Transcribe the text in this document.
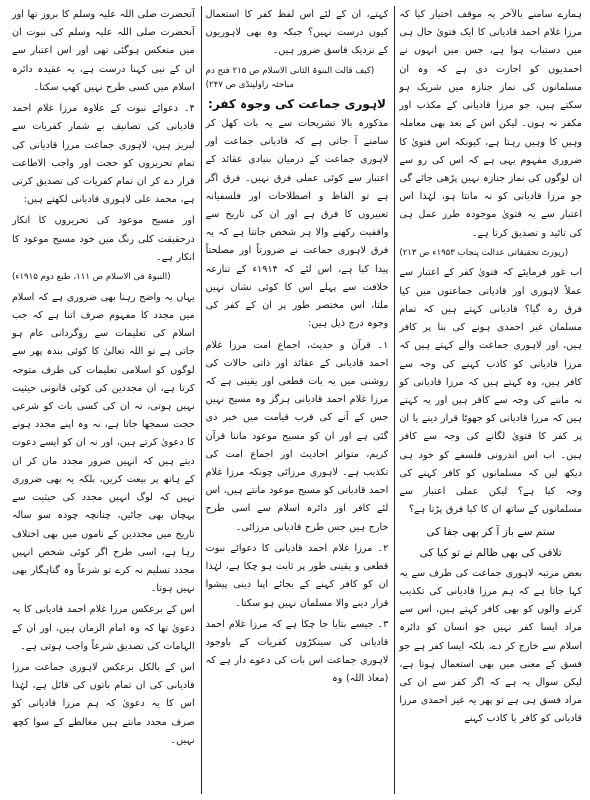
ہمارے سامنے بالآخر یہ موقف اختیار کیا کہ مرزا غلام احمد قادیانی کا ایک فتویٰ حال ہی میں دستیاب ہوا ہے، جس میں انہوں نے احمدیوں کو اجازت دی ہے کہ وہ ان مسلمانوں کی نماز جنازہ میں شریک ہو سکتے ہیں، جو مرزا قادیانی کے مکذب اور مکفر نہ ہوں۔ لیکن اس کے بعد بھی معاملہ وہیں کا وہیں رہتا ہے، کیونکہ اس فتویٰ کا ضروری مفہوم یہی ہے کہ اس کی رو سے ان لوگوں کی نماز جنازہ نہیں پڑھی جائے گی جو مرزا قادیانی کو نہ مانتا ہو، لہٰذا اس اعتبار سے یہ فتویٰ موجودہ طرز عمل ہی کی تائید و تصدیق کرتا ہے۔

(رپورٹ تحقیقاتی عدالت پنجاب ۱۹۵۳ء ص ۲۱۳)

اب غور فرمایئے کہ فتویٰ کفر کے اعتبار سے عملاً لاہوری اور قادیانی جماعتوں میں کیا فرق رہ گیا؟ قادیانی کہتے ہیں کہ تمام مسلمان غیر احمدی ہونے کی بنا پر کافر ہیں، اور لاہوری جماعت والے کہتے ہیں کہ مرزا قادیانی کو کاذب کہنے کی وجہ سے کافر ہیں، وہ کہتے ہیں کہ مرزا قادیانی کو نہ ماننے کی وجہ سے کافر ہیں اور یہ کہتے ہیں کہ مرزا قادیانی کو جھوٹا قرار دینے یا ان پر کفر کا فتویٰ لگانے کی وجہ سے کافر ہیں۔ اب اس اندرونی فلسفے کو خود ہی دیکھ لیں کہ مسلمانوں کو کافر کہنے کی وجہ کیا ہے؟ لیکن عملی اعتبار سے مسلمانوں کے ساتھ ان کا کیا فرق پڑتا ہے؟

ستم سے باز آ کر بھی جفا کی

تلافی کی بھی ظالم نے تو کیا کی

بعض مرتبہ لاہوری جماعت کی طرف سے یہ کہا جاتا ہے کہ ہم مرزا قادیانی کی تکذیب کرنے والوں کو بھی کافر کہتے ہیں، اس سے مراد ایسا کفر نہیں جو انسان کو دائرہ اسلام سے خارج کر دے، بلکہ ایسا کفر ہے جو فسق کے معنی میں بھی استعمال ہوتا ہے، لیکن سوال یہ ہے کہ اگر کفر سے ان کی مراد فسق ہی ہے تو پھر یہ غیر احمدی مرزا قادیانی کو کافر یا کاذب کہنے

کہتے، ان کے لئے اس لفظ کفر کا استعمال کیوں درست نہیں؟ جبکہ وہ بھی لاہوریوں کے نزدیک فاسق ضرور ہیں۔

(کیف قالت البنوۃ الثانی الاسلام ص ۲۱۵ فتح دم مباحثہ راولپنڈی ص ۲۴۷)

لاہوری جماعت کی وجوہ کفر:

مذکورہ بالا تشریحات سے یہ بات کھل کر سامنے آ جاتی ہے کہ قادیانی جماعت اور لاہوری جماعت کے درمیان بنیادی عقائد کے اعتبار سے کوئی عملی فرق نہیں۔ فرق اگر ہے تو الفاظ و اصطلاحات اور فلسفیانہ تعبیروں کا فرق ہے اور ان کی تاریخ سے واقفیت رکھنے والا ہر شخص جانتا ہے کہ یہ فرق لاہوری جماعت نے ضرورتاً اور مصلحتاً پیدا کیا ہے، اس لئے کہ ۱۹۱۴ء کے تنازعہ خلافت سے پہلے اس کا کوئی نشان نہیں ملتا، اس مختصر طور پر ان کے کفر کی وجوہ درج ذیل ہیں:

۱۔ قرآن و حدیث، اجماع امت مرزا غلام احمد قادیانی کے عقائد اور ذاتی حالات کی روشنی میں یہ بات قطعی اور یقینی ہے کہ مرزا غلام احمد قادیانی ہرگز وہ مسیح نہیں جس کے آنے کی قرب قیامت میں خبر دی گئی ہے اور ان کو مسیح موعود ماننا قرآن کریم، متواتر احادیث اور اجماع امت کی تکذیب ہے۔ لاہوری مرزائی چونکہ مرزا غلام احمد قادیانی کو مسیح موعود مانتے ہیں، اس لئے کافر اور دائرہ اسلام سے اسی طرح خارج ہیں جس طرح قادیانی مرزائی۔

۲۔ مرزا غلام احمد قادیانی کا دعوائے نبوت قطعی و یقینی طور پر ثابت ہو چکا ہے، لہٰذا ان کو کافر کہنے کے بجائے اپنا دینی پیشوا قرار دینے والا مسلمان نہیں ہو سکتا۔

۳۔ جیسے بتایا جا چکا ہے کہ مرزا غلام احمد قادیانی کی سینکڑوں کفریات کے باوجود لاہوری جماعت اس بات کی دعوے دار ہے کہ (معاذ اللہ) وہ

آنحضرت صلی اللہ علیہ وسلم کا بروز تھا اور آنحضرت صلی اللہ علیہ وسلم کی نبوت ان میں منعکس ہوگئی تھی اور اس اعتبار سے ان کے نبی کہنا درست ہے، یہ عقیدہ دائرہ اسلام میں کسی طرح نہیں کھپ سکتا۔

۴۔ دعوائے نبوت کے علاوہ مرزا غلام احمد قادیانی کی تصانیف بے شمار کفریات سے لبریز ہیں، لاہوری جماعت مرزا قادیانی کی تمام تحریروں کو حجت اور واجب الاطاعت قرار دے کر ان تمام کفریات کی تصدیق کرتی ہے، محمد علی لاہوری قادیانی لکھتے ہیں:

اور مسیح موعود کی تحریروں کا انکار درحقیقت کلی رنگ میں خود مسیح موعود کا انکار ہے۔

(النبوۃ فی الاسلام ص ۱۱۱، طبع دوم ۱۹۱۵ء)

یہاں یہ واضح رہنا بھی ضروری ہے کہ اسلام میں مجدد کا مفہوم صرف اتنا ہے کہ جب اسلام کی تعلیمات سے روگردانی عام ہو جاتی ہے تو اللہ تعالیٰ کا کوئی بندہ پھر سے لوگوں کو اسلامی تعلیمات کی طرف متوجہ کرتا ہے، ان مجددین کی کوئی قانونی حیثیت نہیں ہوتی، نہ ان کی کسی بات کو شرعی حجت سمجھا جاتا ہے، نہ وہ اپنے مجدد ہونے کا دعویٰ کرتے ہیں، اور نہ ان کو ایسے دعوت دیتے ہیں کہ انہیں ضرور مجدد مان کر ان کے ہاتھ پر بیعت کریں، بلکہ یہ بھی ضروری نہیں کہ لوگ انہیں مجدد کی حیثیت سے پہچان بھی جائیں، چنانچہ چودہ سو سالہ تاریخ میں مجددین کے ناموں میں بھی اختلاف رہا ہے، اسی طرح اگر کوئی شخص انہیں مجدد تسلیم نہ کرے تو شرعاً وہ گناہگار بھی نہیں ہوتا۔

اس کے برعکس مرزا غلام احمد قادیانی کا یہ دعویٰ تھا کہ وہ امام الزمان ہیں، اور ان کے الہامات کی تصدیق شرعاً واجب ہوتی ہے۔

اس کے بالکل برعکس لاہوری جماعت مرزا قادیانی کی ان تمام باتوں کی قائل ہے، لہٰذا اس کا یہ دعویٰ کہ ہم مرزا قادیانی کو صرف مجدد مانتے ہیں مغالطے کے سوا کچھ نہیں۔
